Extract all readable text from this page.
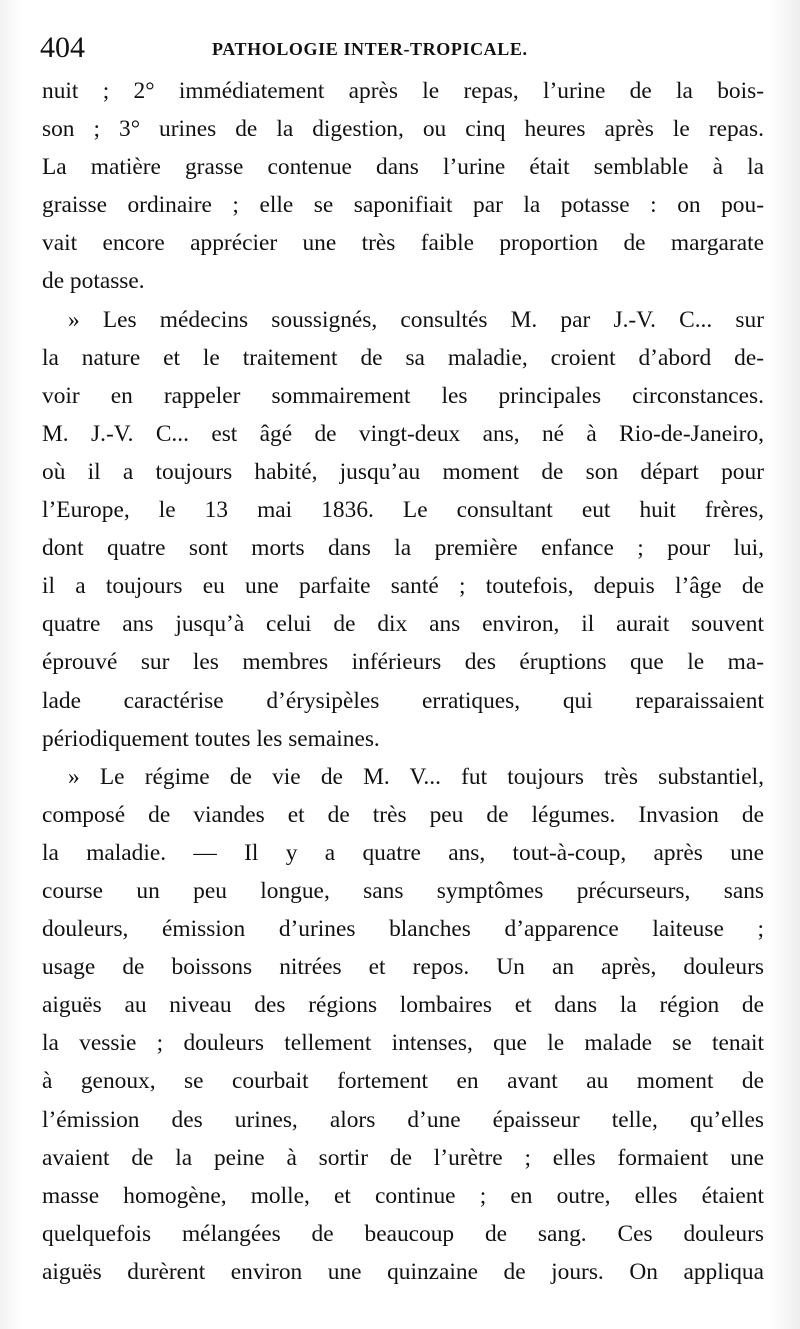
404	PATHOLOGIE INTER-TROPICALE.
nuit ; 2° immédiatement après le repas, l’urine de la bois-
son ; 3° urines de la digestion, ou cinq heures après le repas.
La matière grasse contenue dans l’urine était semblable à la
graisse ordinaire ; elle se saponifiait par la potasse : on pou-
vait encore apprécier une très faible proportion de margarate
de potasse.
» Les médecins soussignés, consultés M. par J.-V. C... sur
la nature et le traitement de sa maladie, croient d’abord de-
voir en rappeler sommairement les principales circonstances.
M. J.-V. C... est âgé de vingt-deux ans, né à Rio-de-Janeiro,
où il a toujours habité, jusqu’au moment de son départ pour
l’Europe, le 13 mai 1836. Le consultant eut huit frères,
dont quatre sont morts dans la première enfance ; pour lui,
il a toujours eu une parfaite santé ; toutefois, depuis l’âge de
quatre ans jusqu’à celui de dix ans environ, il aurait souvent
éprouvé sur les membres inférieurs des éruptions que le ma-
lade caractérise d’érysipèles erratiques, qui reparaissaient
périodiquement toutes les semaines.
» Le régime de vie de M. V... fut toujours très substantiel,
composé de viandes et de très peu de légumes. Invasion de
la maladie. — Il y a quatre ans, tout-à-coup, après une
course un peu longue, sans symptômes précurseurs, sans
douleurs, émission d’urines blanches d’apparence laiteuse ;
usage de boissons nitrées et repos. Un an après, douleurs
aiguës au niveau des régions lombaires et dans la région de
la vessie ; douleurs tellement intenses, que le malade se tenait
à genoux, se courbait fortement en avant au moment de
l’émission des urines, alors d’une épaisseur telle, qu’elles
avaient de la peine à sortir de l’urètre ; elles formaient une
masse homogène, molle, et continue ; en outre, elles étaient
quelquefois mélangées de beaucoup de sang. Ces douleurs
aiguës durèrent environ une quinzaine de jours. On appliqua
